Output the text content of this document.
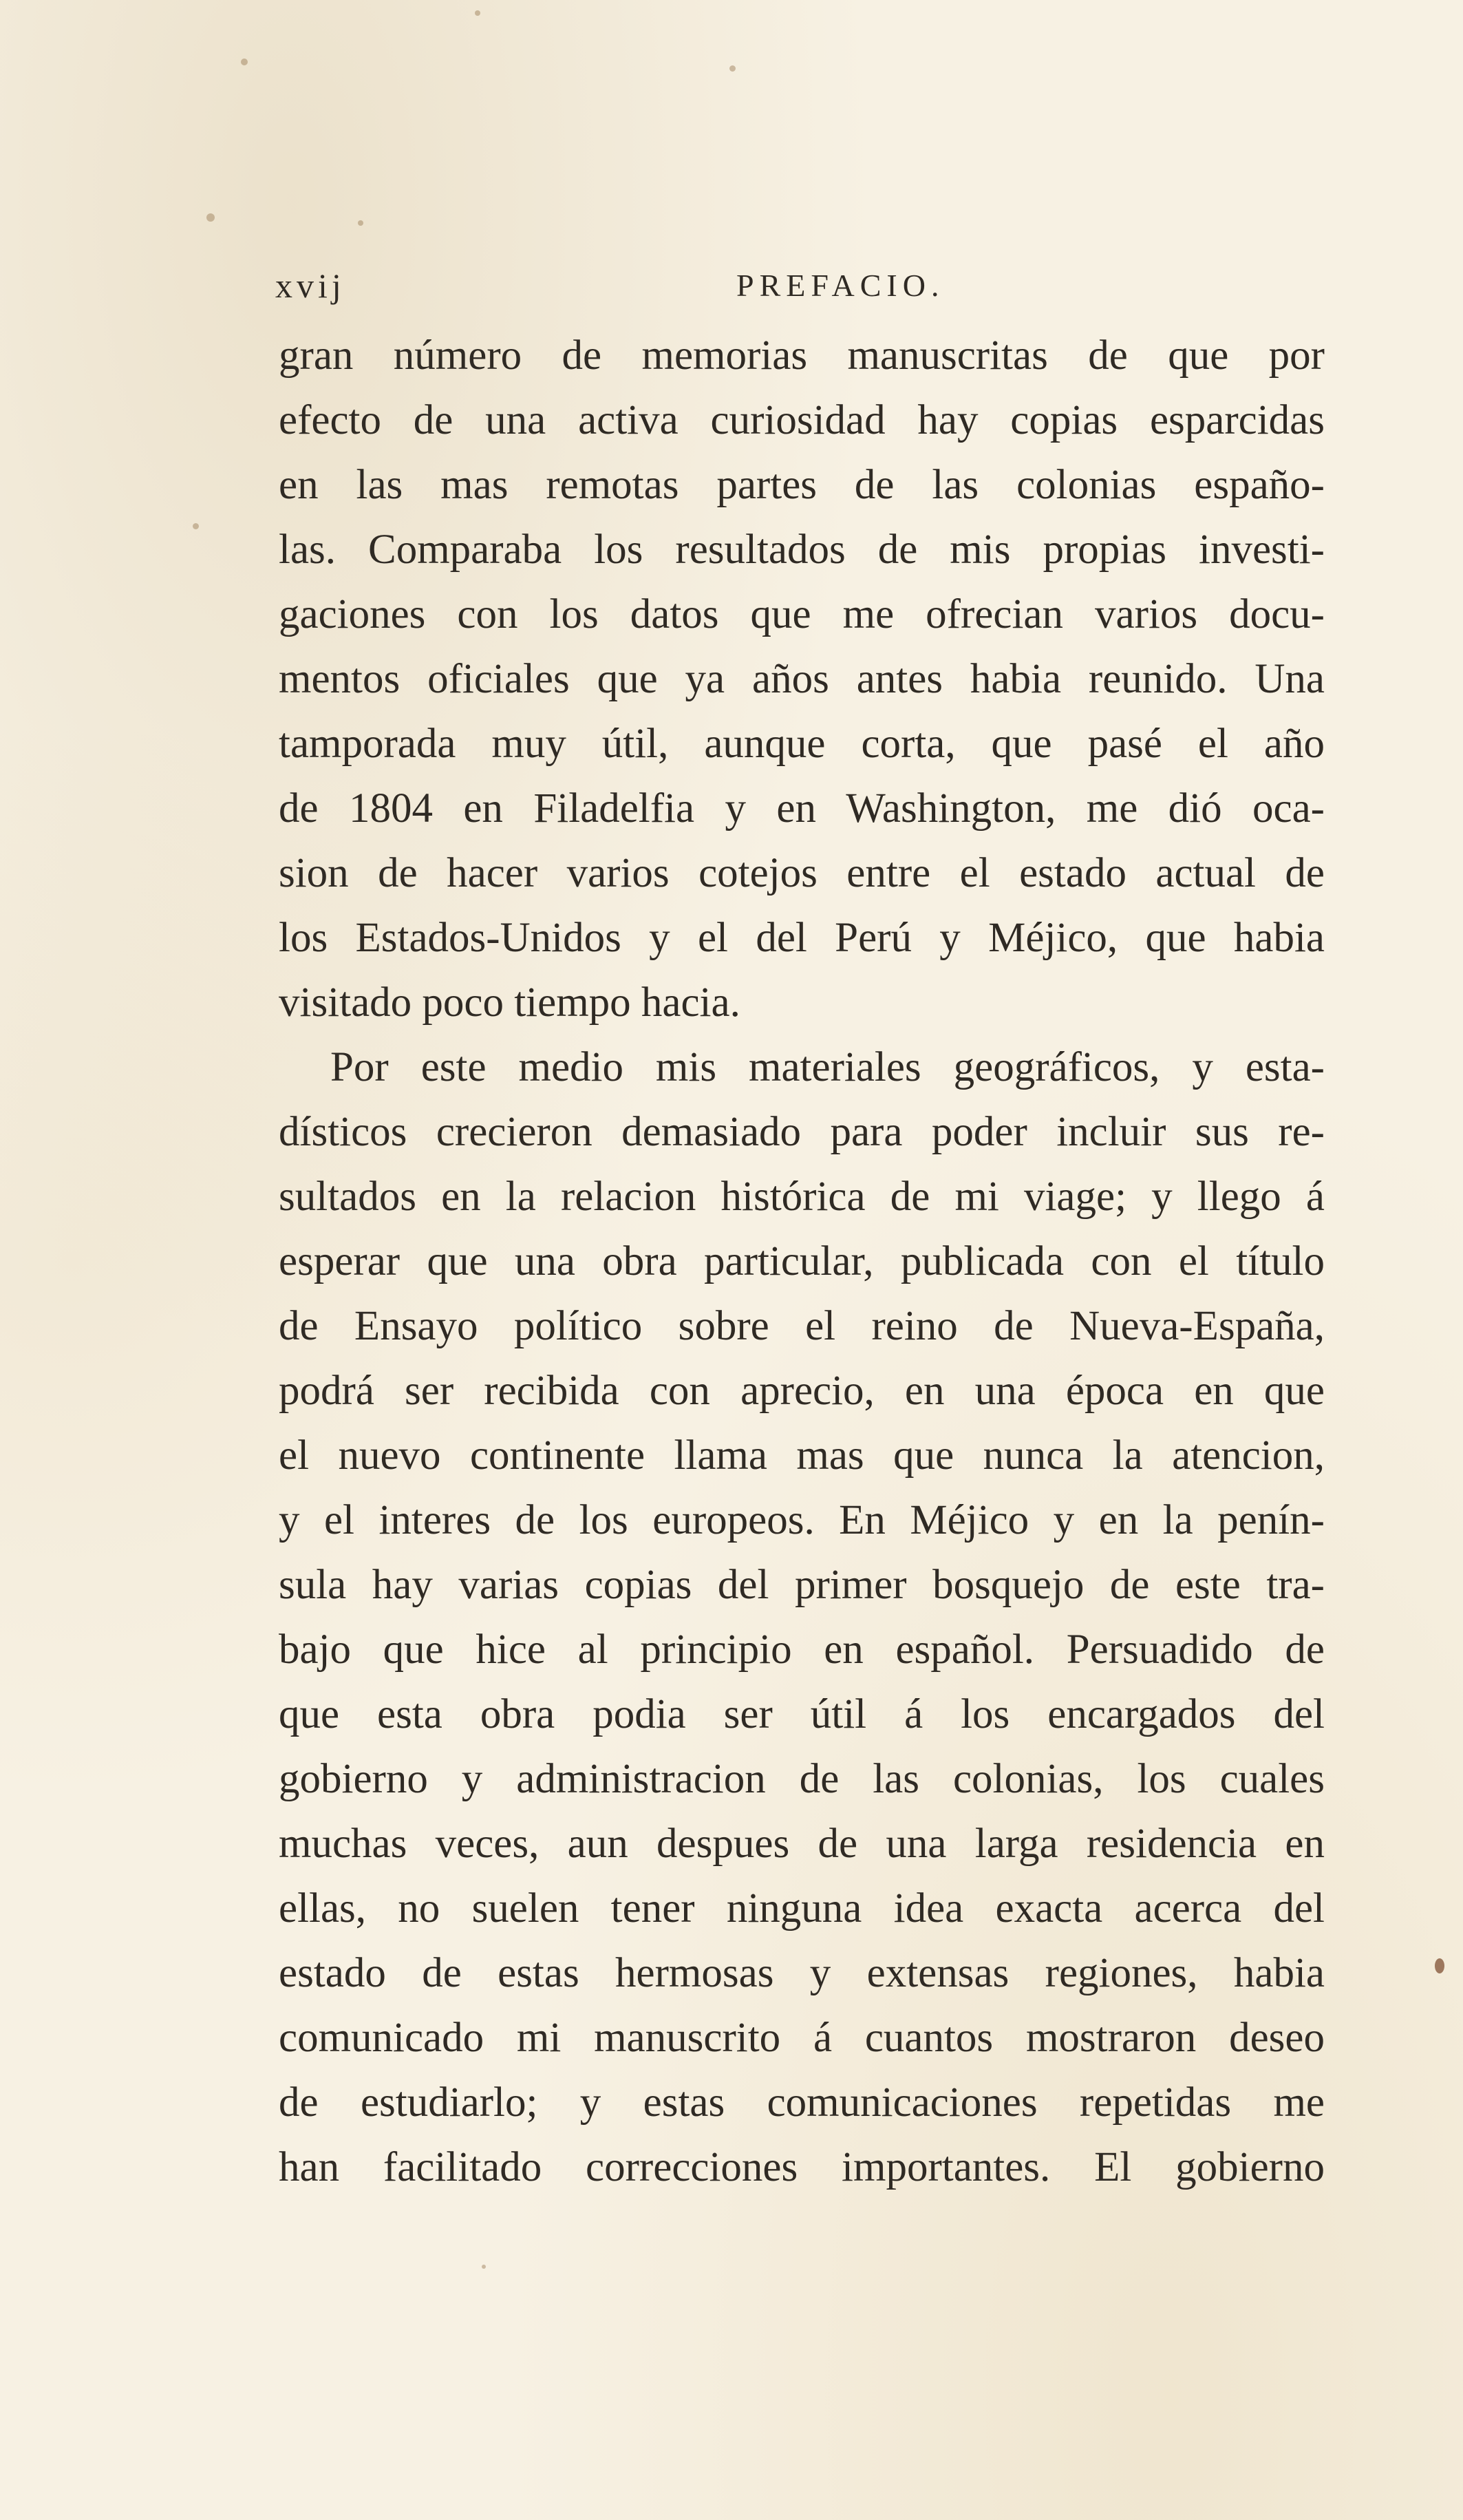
xvij	PREFACIO.
gran número de memorias manuscritas de que por
efecto de una activa curiosidad hay copias esparcidas
en las mas remotas partes de las colonias españo-
las. Comparaba los resultados de mis propias investi-
gaciones con los datos que me ofrecian varios docu-
mentos oficiales que ya años antes habia reunido. Una
tamporada muy útil, aunque corta, que pasé el año
de 1804 en Filadelfia y en Washington, me dió oca-
sion de hacer varios cotejos entre el estado actual de
los Estados-Unidos y el del Perú y Méjico, que habia
visitado poco tiempo hacia.
Por este medio mis materiales geográficos, y esta-
dísticos crecieron demasiado para poder incluir sus re-
sultados en la relacion histórica de mi viage; y llego á
esperar que una obra particular, publicada con el título
de Ensayo político sobre el reino de Nueva-España,
podrá ser recibida con aprecio, en una época en que
el nuevo continente llama mas que nunca la atencion,
y el interes de los europeos. En Méjico y en la penín-
sula hay varias copias del primer bosquejo de este tra-
bajo que hice al principio en español. Persuadido de
que esta obra podia ser útil á los encargados del
gobierno y administracion de las colonias, los cuales
muchas veces, aun despues de una larga residencia en
ellas, no suelen tener ninguna idea exacta acerca del
estado de estas hermosas y extensas regiones, habia
comunicado mi manuscrito á cuantos mostraron deseo
de estudiarlo; y estas comunicaciones repetidas me
han facilitado correcciones importantes. El gobierno
